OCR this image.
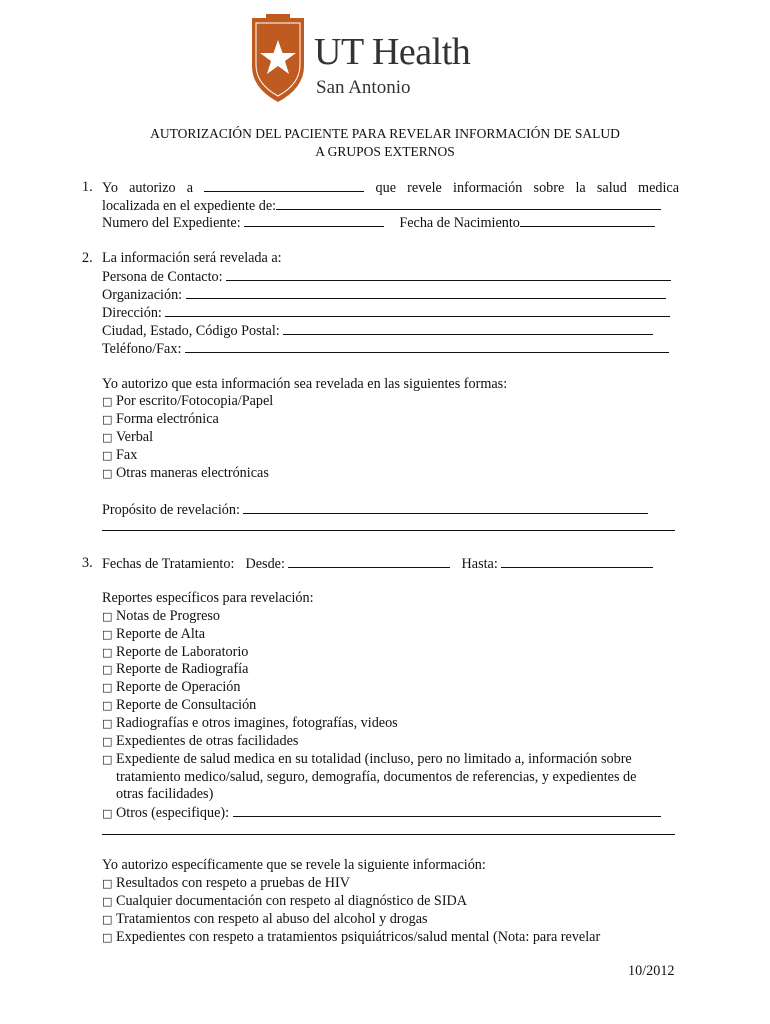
UT Health
San Antonio
AUTORIZACIÓN DEL PACIENTE PARA REVELAR INFORMACIÓN DE SALUD
A GRUPOS EXTERNOS
1. Yo autorizo a	que revele información sobre la salud medica
localizada en el expediente de:
Numero del Expediente:	Fecha de Nacimiento
2. La información será revelada a:
Persona de Contacto:
Organización:
Dirección:
Ciudad, Estado, Código Postal:
Teléfono/Fax:
Yo autorizo que esta información sea revelada en las siguientes formas:
□ Por escrito/Fotocopia/Papel
□ Forma electrónica
□ Verbal
□ Fax
□ Otras maneras electrónicas
Propósito de revelación:
3. Fechas de Tratamiento: Desde:	Hasta:
Reportes específicos para revelación:
□ Notas de Progreso
□ Reporte de Alta
□ Reporte de Laboratorio
□ Reporte de Radiografía
□ Reporte de Operación
□ Reporte de Consultación
□ Radiografías e otros imagines, fotografías, videos
□ Expedientes de otras facilidades
□ Expediente de salud medica en su totalidad (incluso, pero no limitado a, información sobre
tratamiento medico/salud, seguro, demografía, documentos de referencias, y expedientes de
otras facilidades)
□ Otros (especifique):
Yo autorizo específicamente que se revele la siguiente información:
□ Resultados con respeto a pruebas de HIV
□ Cualquier documentación con respeto al diagnóstico de SIDA
□ Tratamientos con respeto al abuso del alcohol y drogas
□ Expedientes con respeto a tratamientos psiquiátricos/salud mental (Nota: para revelar
10/2012
